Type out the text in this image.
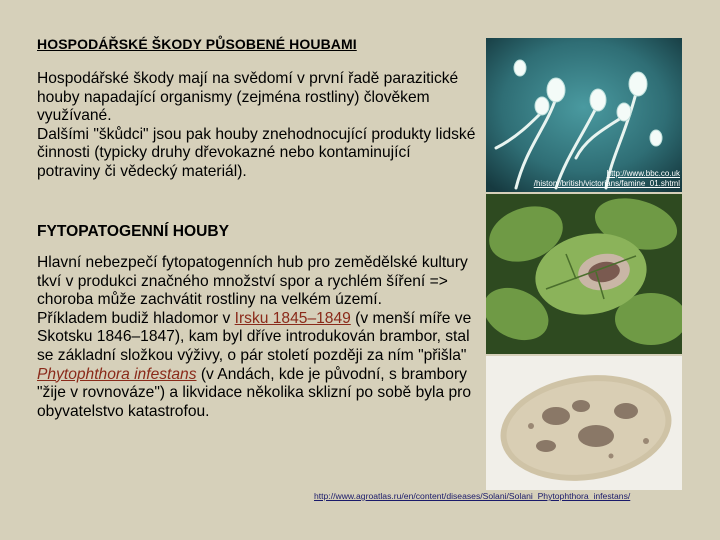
HOSPODÁŘSKÉ ŠKODY PŮSOBENÉ HOUBAMI
Hospodářské škody mají na svědomí v první řadě parazitické houby napadající organismy (zejména rostliny) člověkem využívané.
Dalšími "škůdci" jsou pak houby znehodnocující produkty lidské činnosti (typicky druhy dřevokazné nebo kontaminující potraviny či vědecký materiál).
FYTOPATOGENNÍ HOUBY

Hlavní nebezpečí fytopatogenních hub pro zemědělské kultury tkví v produkci značného množství spor a rychlém šíření => choroba může zachvátit rostliny na velkém území.

Příkladem budiž hladomor v Irsku 1845–1849 (v menší míře ve Skotsku 1846–1847), kam byl dříve introdukován brambor, stal se základní složkou výživy, o pár století později za ním "přišla" Phytophthora infestans (v Andách, kde je původní, s brambory "žije v rovnováze") a likvidace několika sklizní po sobě byla pro obyvatelstvo katastrofou.

http://www.bbc.co.uk
/history/british/victorians/famine_01.shtml
http://www.agroatlas.ru/en/content/diseases/Solani/Solani_Phytophthora_infestans/
